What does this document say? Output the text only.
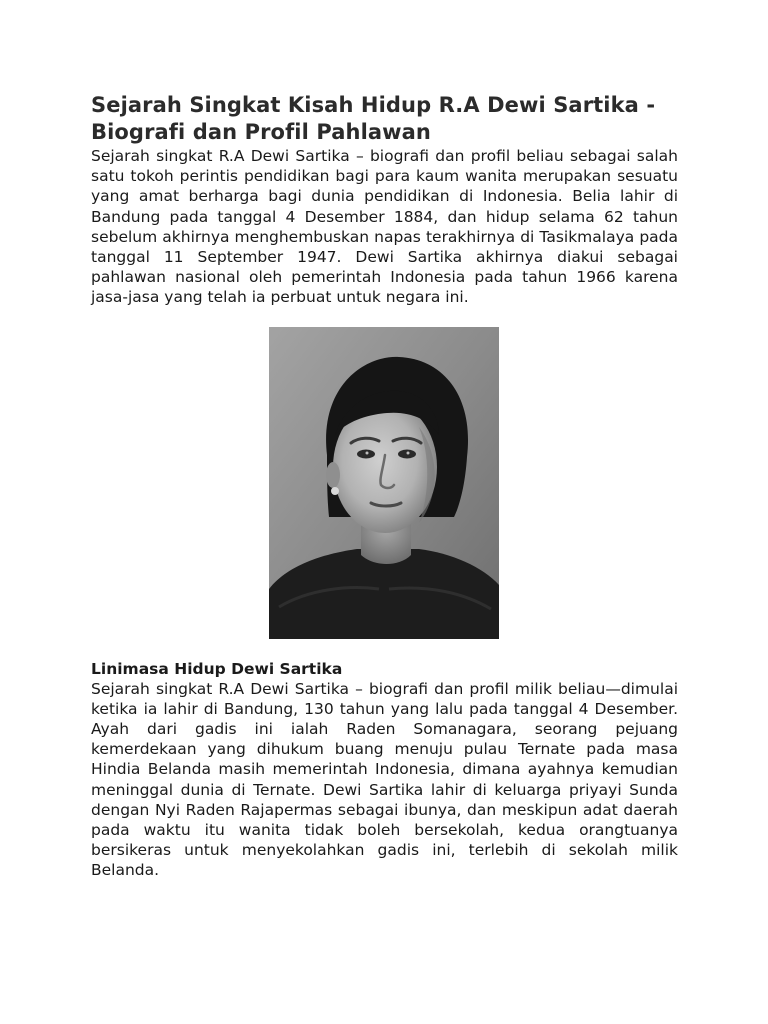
Sejarah Singkat Kisah Hidup R.A Dewi Sartika - Biografi dan Profil Pahlawan

Sejarah singkat R.A Dewi Sartika – biografi dan profil beliau sebagai salah satu tokoh perintis pendidikan bagi para kaum wanita merupakan sesuatu yang amat berharga bagi dunia pendidikan di Indonesia. Belia lahir di Bandung pada tanggal 4 Desember 1884, dan hidup selama 62 tahun sebelum akhirnya menghembuskan napas terakhirnya di Tasikmalaya pada tanggal 11 September 1947. Dewi Sartika akhirnya diakui sebagai pahlawan nasional oleh pemerintah Indonesia pada tahun 1966 karena jasa-jasa yang telah ia perbuat untuk negara ini.

Linimasa Hidup Dewi Sartika

Sejarah singkat R.A Dewi Sartika – biografi dan profil milik beliau—dimulai ketika ia lahir di Bandung, 130 tahun yang lalu pada tanggal 4 Desember. Ayah dari gadis ini ialah Raden Somanagara, seorang pejuang kemerdekaan yang dihukum buang menuju pulau Ternate pada masa Hindia Belanda masih memerintah Indonesia, dimana ayahnya kemudian meninggal dunia di Ternate. Dewi Sartika lahir di keluarga priyayi Sunda dengan Nyi Raden Rajapermas sebagai ibunya, dan meskipun adat daerah pada waktu itu wanita tidak boleh bersekolah, kedua orangtuanya bersikeras untuk menyekolahkan gadis ini, terlebih di sekolah milik Belanda.
